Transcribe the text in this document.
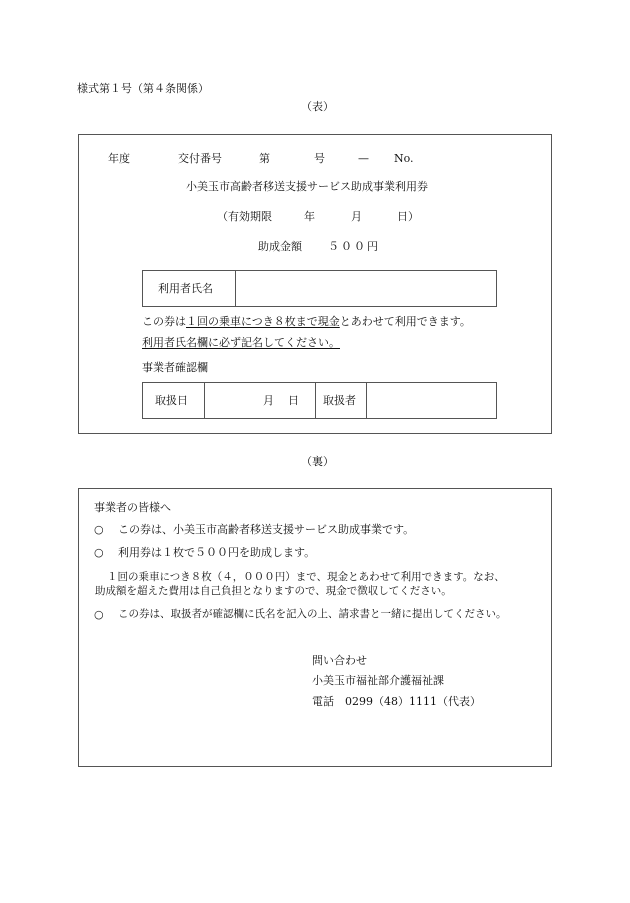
様式第１号（第４条関係）
（表）
年度	交付番号	第	号	— No.
小美玉市高齢者移送支援サービス助成事業利用券
（有効期限	年	月	日）
助成金額 ５００円
利用者氏名
この券は１回の乗車につき８枚まで現金とあわせて利用できます。
利用者氏名欄に必ず記名してください。
事業者確認欄
取扱日	月 日 取扱者
（裏）
事業者の皆様へ
○ この券は、小美玉市高齢者移送支援サービス助成事業です。
○ 利用券は１枚で５００円を助成します。
１回の乗車につき８枚（４，０００円）まで、現金とあわせて利用できます。なお、
助成額を超えた費用は自己負担となりますので、現金で徴収してください。
○ この券は、取扱者が確認欄に氏名を記入の上、請求書と一緒に提出してください。
問い合わせ
小美玉市福祉部介護福祉課
電話　0299（48）1111（代表）
